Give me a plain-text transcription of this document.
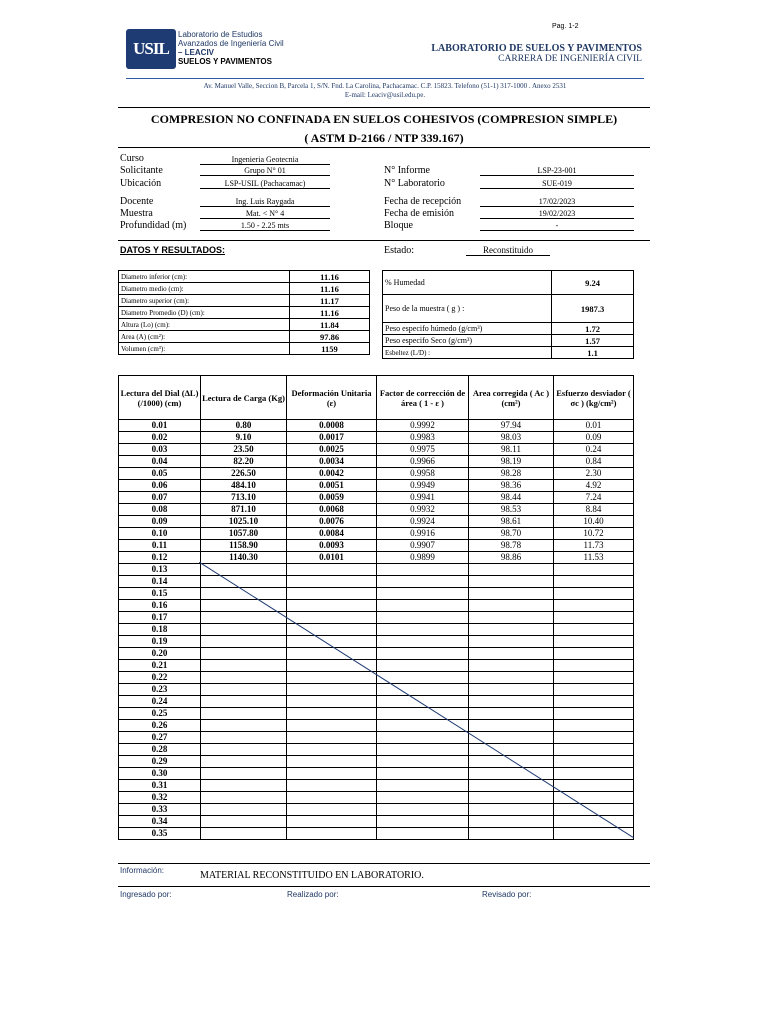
Pag. 1-2
USIL
Laboratorio de Estudios
Avanzados de Ingeniería Civil
– LEACIV
SUELOS Y PAVIMENTOS
LABORATORIO DE SUELOS Y PAVIMENTOS
CARRERA DE INGENIERÍA CIVIL
Av. Manuel Valle, Seccion B, Parcela 1, S/N. Fnd. La Carolina, Pachacamac. C.P. 15823. Telefono (51-1) 317-1000 . Anexo 2531
E-mail: Leaciv@usil.edu.pe.
COMPRESION NO CONFINADA EN SUELOS COHESIVOS (COMPRESION SIMPLE)
( ASTM D-2166 / NTP 339.167)
Curso	Ingenieria Geotecnia
Solicitante	Grupo N° 01
Ubicación	LSP-USIL (Pachacamac)
Docente	Ing. Luis Raygada
Muestra	Mat. < N° 4
Profundidad (m)	1.50 - 2.25 mts
N° Informe	LSP-23-001
N° Laboratorio	SUE-019
Fecha de recepción	17/02/2023
Fecha de emisión	19/02/2023
Bloque	-
DATOS Y RESULTADOS:	Estado:	Reconstituido
Diametro inferior (cm):	11.16
Diametro medio (cm):	11.16
Diametro superior (cm):	11.17
Diametro Promedio (D) (cm):	11.16
Altura (Lo) (cm):	11.84
Area (A) (cm²):	97.86
Volumen (cm³):	1159
% Humedad	9.24
Peso de la muestra ( g ) :	1987.3
Peso especifo húmedo (g/cm³)	1.72
Peso especifo Seco (g/cm³)	1.57
Esbeltez (L/D) :	1.1
Lectura del Dial (ΔL) (/1000) (cm)	Lectura de Carga (Kg)	Deformación Unitaria (ε)	Factor de corrección de área ( 1 - ε )	Area corregida ( Ac ) (cm²)	Esfuerzo desviador ( σc ) (kg/cm²)
0.01	0.80	0.0008	0.9992	97.94	0.01
0.02	9.10	0.0017	0.9983	98.03	0.09
0.03	23.50	0.0025	0.9975	98.11	0.24
0.04	82.20	0.0034	0.9966	98.19	0.84
0.05	226.50	0.0042	0.9958	98.28	2.30
0.06	484.10	0.0051	0.9949	98.36	4.92
0.07	713.10	0.0059	0.9941	98.44	7.24
0.08	871.10	0.0068	0.9932	98.53	8.84
0.09	1025.10	0.0076	0.9924	98.61	10.40
0.10	1057.80	0.0084	0.9916	98.70	10.72
0.11	1158.90	0.0093	0.9907	98.78	11.73
0.12	1140.30	0.0101	0.9899	98.86	11.53
0.13					
0.14					
0.15					
0.16					
0.17					
0.18					
0.19					
0.20					
0.21					
0.22					
0.23					
0.24					
0.25					
0.26					
0.27					
0.28					
0.29					
0.30					
0.31					
0.32					
0.33					
0.34					
0.35					
Información:	MATERIAL RECONSTITUIDO EN LABORATORIO.
Ingresado por:	Realizado por:	Revisado por:
